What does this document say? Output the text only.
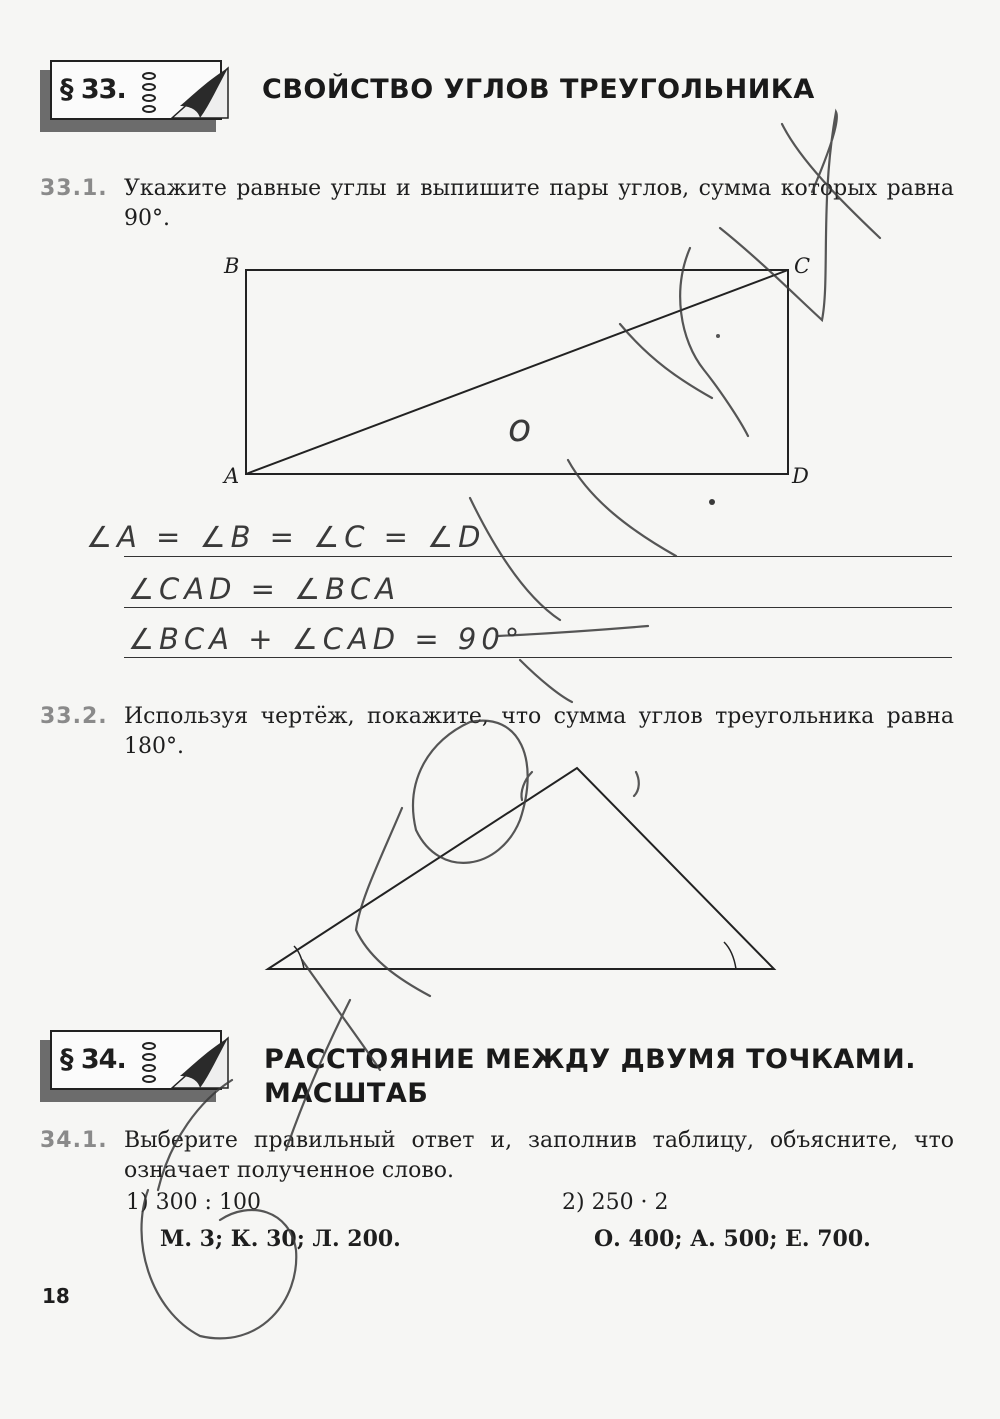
§ 33.	СВОЙСТВО УГЛОВ ТРЕУГОЛЬНИКА
33.1. Укажите равные углы и выпишите пары углов, сумма которых равна 90°.
B	C
A	D
о
∠A = ∠B = ∠C = ∠D
∠CAD = ∠BCA
∠BCA + ∠CAD = 90°
33.2. Используя чертёж, покажите, что сумма углов треугольника равна 180°.
§ 34.	РАССТОЯНИЕ МЕЖДУ ДВУМЯ ТОЧКАМИ.
МАСШТАБ
34.1. Выберите правильный ответ и, заполнив таблицу, объясните, что означает полученное слово.
1) 300 : 100
М. 3; К. 30; Л. 200.
2) 250 · 2
О. 400; А. 500; Е. 700.
18
